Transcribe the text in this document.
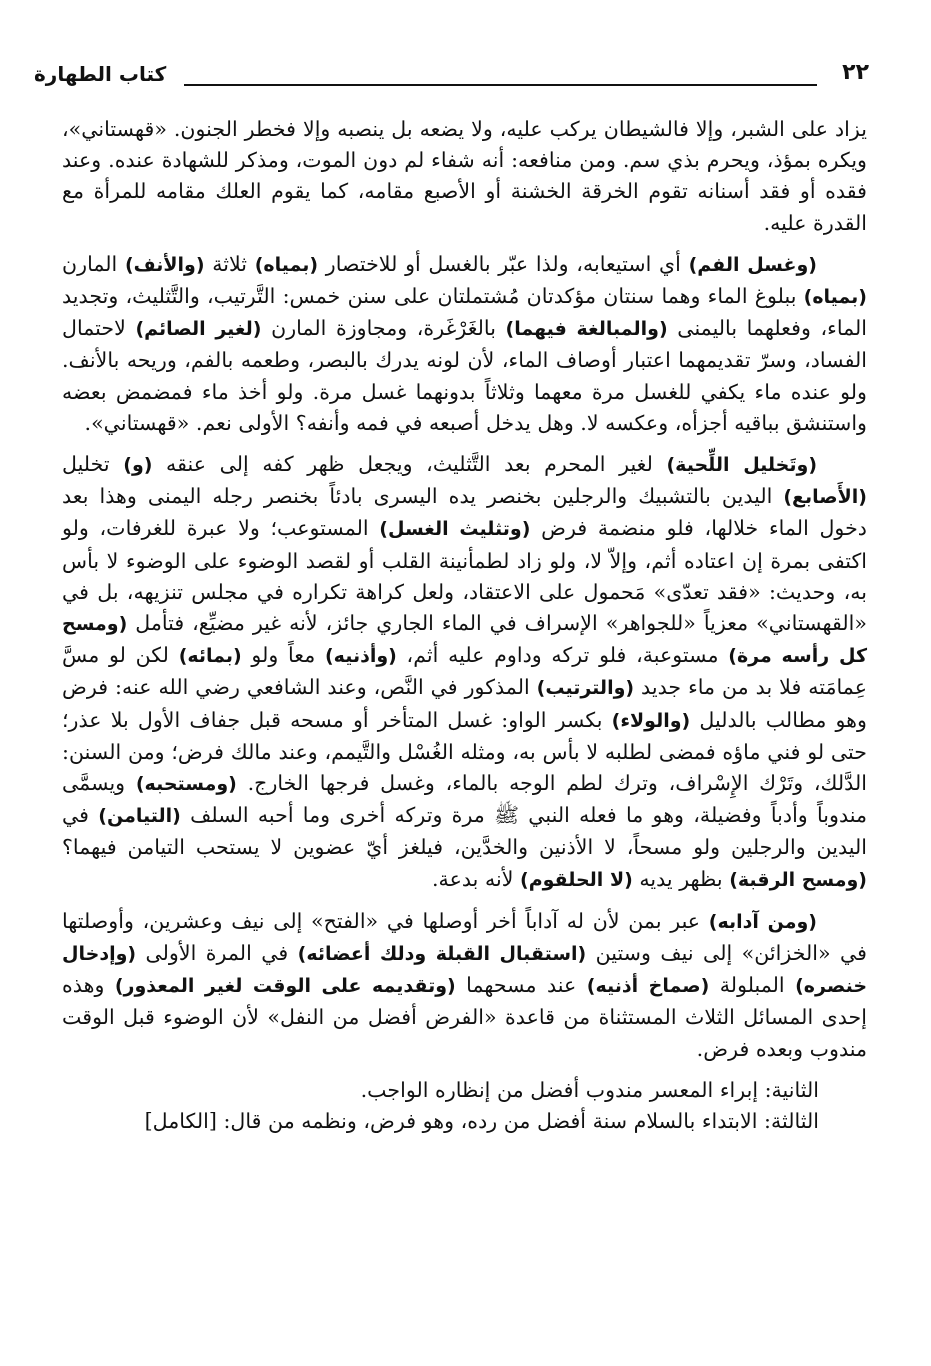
٢٢
كتاب الطهارة

يزاد على الشبر، وإلا فالشيطان يركب عليه، ولا يضعه بل ينصبه وإلا فخطر الجنون. «قهستاني»، ويكره بمؤذ، ويحرم بذي سم. ومن منافعه: أنه شفاء لم دون الموت، ومذكر للشهادة عنده. وعند فقده أو فقد أسنانه تقوم الخرقة الخشنة أو الأصبع مقامه، كما يقوم العلك مقامه للمرأة مع القدرة عليه.

(وغسل الفم) أي استيعابه، ولذا عبّر بالغسل أو للاختصار (بمياه) ثلاثة (والأنف) المارن (بمياه) ببلوغ الماء وهما سنتان مؤكدتان مُشتملتان على سنن خمس: التَّرتيب، والتَّثليث، وتجديد الماء، وفعلهما باليمنى (والمبالغة فيهما) بالغَرْغَرة، ومجاوزة المارن (لغير الصائم) لاحتمال الفساد، وسرّ تقديمهما اعتبار أوصاف الماء، لأن لونه يدرك بالبصر، وطعمه بالفم، وريحه بالأنف. ولو عنده ماء يكفي للغسل مرة معهما وثلاثاً بدونهما غسل مرة. ولو أخذ ماء فمضمض بعضه واستنشق بباقيه أجزأه، وعكسه لا. وهل يدخل أصبعه في فمه وأنفه؟ الأولى نعم. «قهستاني».

(وتَخليل اللِّحية) لغير المحرم بعد التَّثليث، ويجعل ظهر كفه إلى عنقه (و) تخليل (الأَصابع) اليدين بالتشبيك والرجلين بخنصر يده اليسرى بادئاً بخنصر رجله اليمنى وهذا بعد دخول الماء خلالها، فلو منضمة فرض (وتثليث الغسل) المستوعب؛ ولا عبرة للغرفات، ولو اكتفى بمرة إن اعتاده أثم، وإلاّ لا، ولو زاد لطمأنينة القلب أو لقصد الوضوء على الوضوء لا بأس به، وحديث: «فقد تعدّى» مَحمول على الاعتقاد، ولعل كراهة تكراره في مجلس تنزيهه، بل في «القهستاني» معزياً «للجواهر» الإسراف في الماء الجاري جائز، لأنه غير مضيِّع، فتأمل (ومسح كل رأسه مرة) مستوعبة، فلو تركه وداوم عليه أثم، (وأذنيه) معاً ولو (بمائه) لكن لو مسَّ عِمامَته فلا بد من ماء جديد (والترتيب) المذكور في النَّص، وعند الشافعي رضي الله عنه: فرض وهو مطالب بالدليل (والولاء) بكسر الواو: غسل المتأخر أو مسحه قبل جفاف الأول بلا عذر؛ حتى لو فني ماؤه فمضى لطلبه لا بأس به، ومثله الغُسْل والتَّيمم، وعند مالك فرض؛ ومن السنن: الدَّلك، وتَرْك الإِسْراف، وترك لطم الوجه بالماء، وغسل فرجها الخارج. (ومستحبه) ويسمَّى مندوباً وأدباً وفضيلة، وهو ما فعله النبي ﷺ مرة وتركه أخرى وما أحبه السلف (التيامن) في اليدين والرجلين ولو مسحاً، لا الأذنين والخدَّين، فيلغز أيّ عضوين لا يستحب التيامن فيهما؟ (ومسح الرقبة) بظهر يديه (لا الحلقوم) لأنه بدعة.

(ومن آدابه) عبر بمن لأن له آداباً أخر أوصلها في «الفتح» إلى نيف وعشرين، وأوصلتها في «الخزائن» إلى نيف وستين (استقبال القبلة ودلك أعضائه) في المرة الأولى (وإدخال خنصره) المبلولة (صماخ أذنيه) عند مسحهما (وتقديمه على الوقت لغير المعذور) وهذه إحدى المسائل الثلاث المستثناة من قاعدة «الفرض أفضل من النفل» لأن الوضوء قبل الوقت مندوب وبعده فرض.

الثانية: إبراء المعسر مندوب أفضل من إنظاره الواجب.

الثالثة: الابتداء بالسلام سنة أفضل من رده، وهو فرض، ونظمه من قال: [الكامل]
